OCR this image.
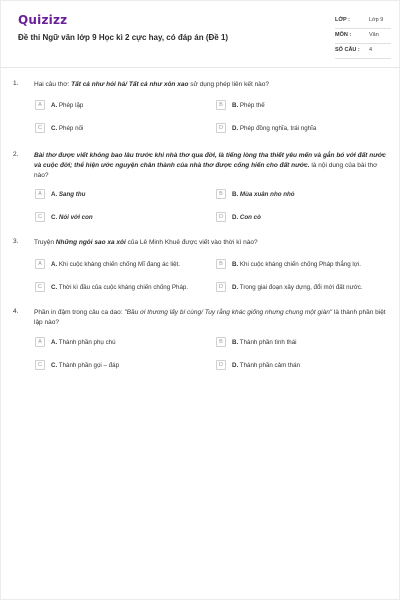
Quizizz
Đề thi Ngữ văn lớp 9 Học kì 2 cực hay, có đáp án (Đề 1)
LỚP :	Lớp 9
MÔN :	Văn
SỐ CÂU : 4
1. Hai câu thơ: Tất cả như hỏi hả/ Tất cả như xôn xao sử dụng phép liên kết nào?
A	A. Phép lặp	B	B. Phép thế
C	C. Phép nối	D	D. Phép đồng nghĩa, trái nghĩa
2. Bài thơ được viết không bao lâu trước khi nhà thơ qua đời, là tiếng lòng tha thiết yêu mến và gắn bó với đất nước và cuộc đời; thể hiện ước nguyện chân thành của nhà thơ được cống hiến cho đất nước. là nội dung của bài thơ nào?
A	A. Sang thu	B	B. Mùa xuân nho nhỏ
C	C. Nói với con	D	D. Con cò
3. Truyện Những ngôi sao xa xôi của Lê Minh Khuê được viết vào thời kì nào?
A	A. Khi cuộc kháng chiến chống Mĩ đang ác liệt.	B	B. Khi cuộc kháng chiến chống Pháp thắng lợi.
C	C. Thời kì đầu của cuộc kháng chiến chống Pháp.	D	D. Trong giai đoạn xây dựng, đổi mới đất nước.
4. Phần in đậm trong câu ca dao: "Bầu ơi thương lấy bí cùng/ Tuy rằng khác giống nhưng chung một giàn" là thành phần biệt lập nào?
A	A. Thành phần phụ chú	B	B. Thành phần tình thái
C	C. Thành phần gọi – đáp	D	D. Thành phần cảm thán
